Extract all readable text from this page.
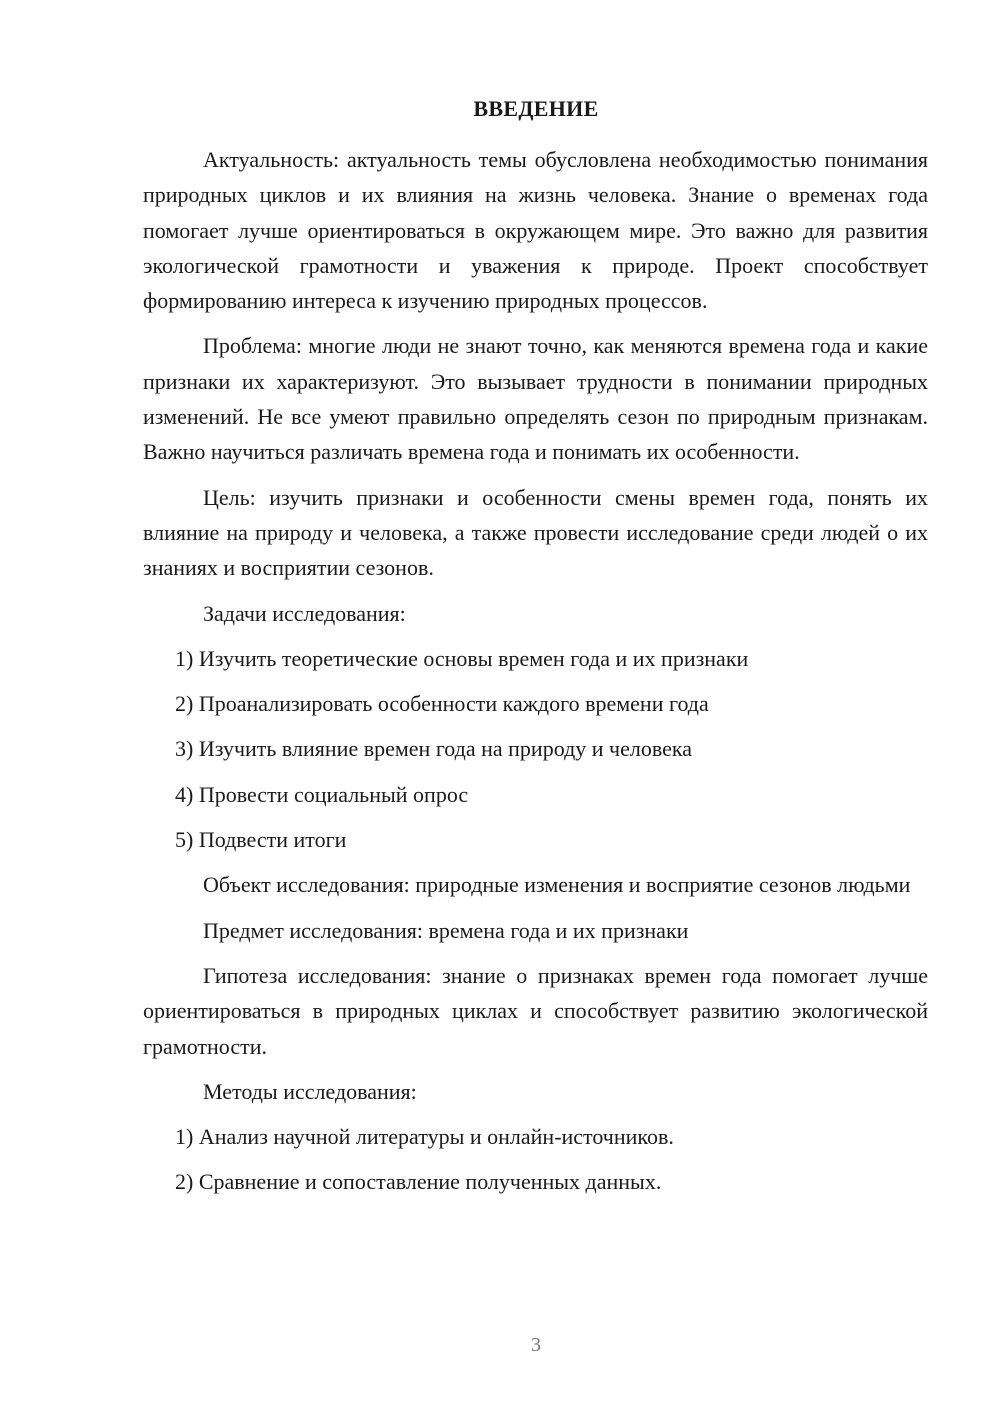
ВВЕДЕНИЕ

Актуальность: актуальность темы обусловлена необходимостью понимания природных циклов и их влияния на жизнь человека. Знание о временах года помогает лучше ориентироваться в окружающем мире. Это важно для развития экологической грамотности и уважения к природе. Проект способствует формированию интереса к изучению природных процессов.

Проблема: многие люди не знают точно, как меняются времена года и какие признаки их характеризуют. Это вызывает трудности в понимании природных изменений. Не все умеют правильно определять сезон по природным признакам. Важно научиться различать времена года и понимать их особенности.

Цель: изучить признаки и особенности смены времен года, понять их влияние на природу и человека, а также провести исследование среди людей о их знаниях и восприятии сезонов.

Задачи исследования:

1) Изучить теоретические основы времен года и их признаки

2) Проанализировать особенности каждого времени года

3) Изучить влияние времен года на природу и человека

4) Провести социальный опрос

5) Подвести итоги

Объект исследования: природные изменения и восприятие сезонов людьми

Предмет исследования: времена года и их признаки

Гипотеза исследования: знание о признаках времен года помогает лучше ориентироваться в природных циклах и способствует развитию экологической грамотности.

Методы исследования:

1) Анализ научной литературы и онлайн-источников.

2) Сравнение и сопоставление полученных данных.

3
